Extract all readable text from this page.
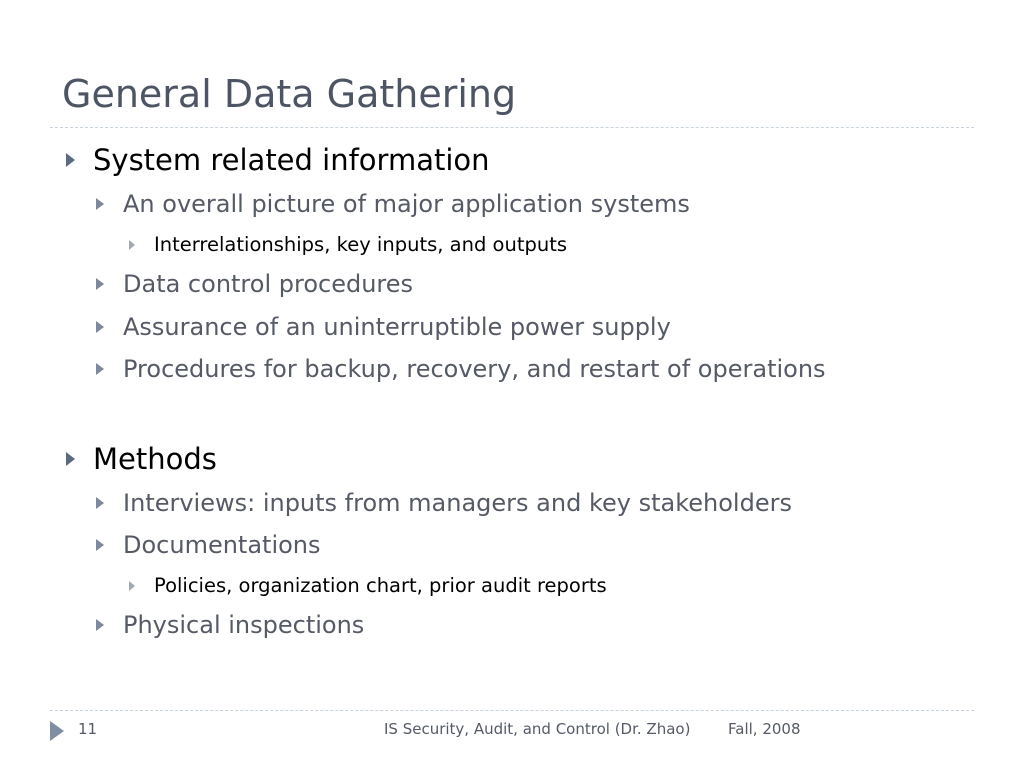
General Data Gathering
System related information
An overall picture of major application systems
Interrelationships, key inputs, and outputs
Data control procedures
Assurance of an uninterruptible power supply
Procedures for backup, recovery, and restart of operations
Methods
Interviews: inputs from managers and key stakeholders
Documentations
Policies, organization chart, prior audit reports
Physical inspections
11	IS Security, Audit, and Control (Dr. Zhao)	Fall, 2008
